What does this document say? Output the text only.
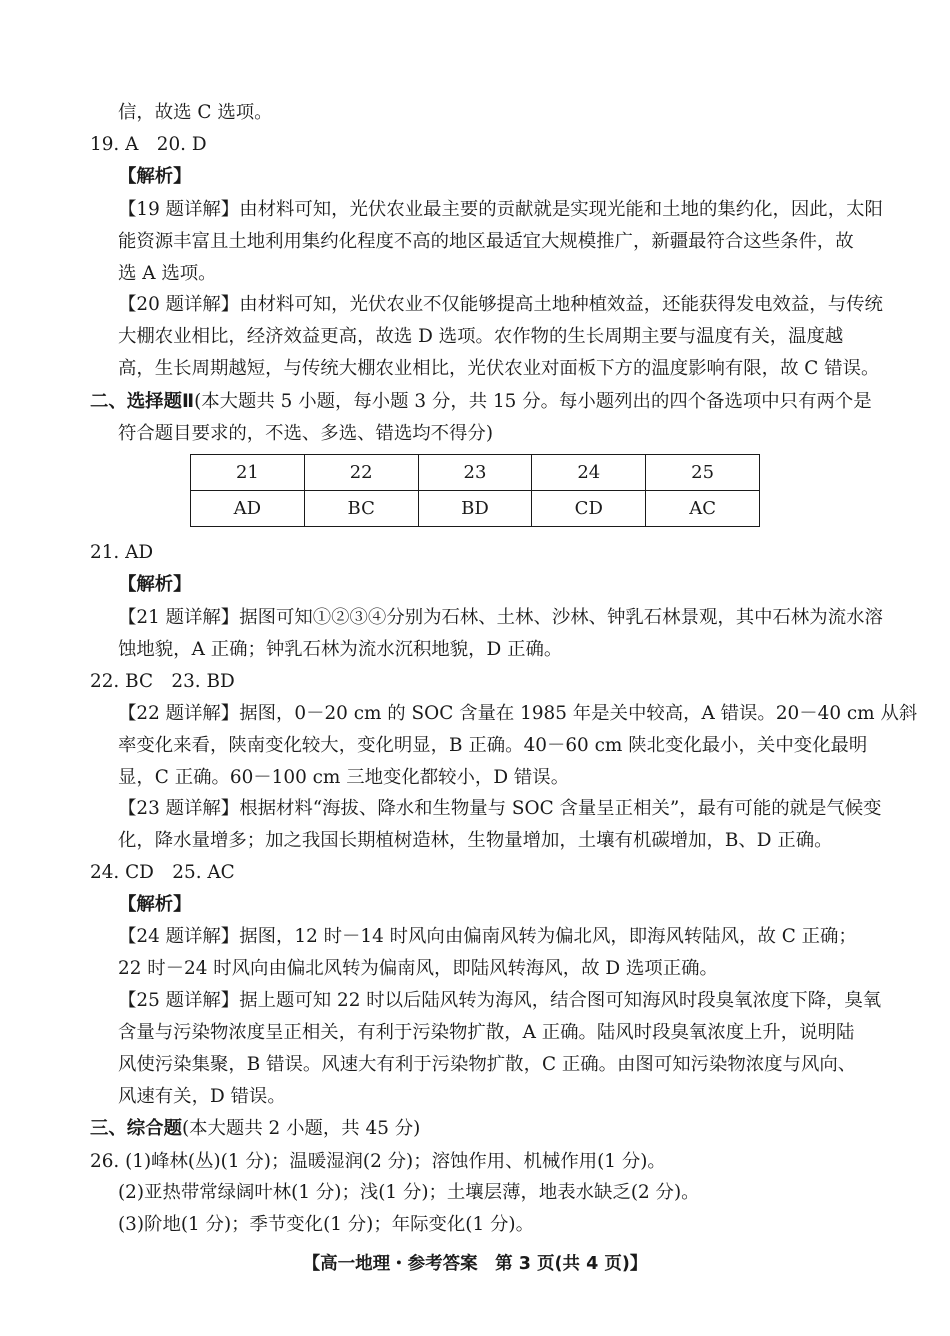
信，故选 C 选项。
19. A　20. D
【解析】
【19 题详解】由材料可知，光伏农业最主要的贡献就是实现光能和土地的集约化，因此，太阳
能资源丰富且土地利用集约化程度不高的地区最适宜大规模推广，新疆最符合这些条件，故
选 A 选项。
【20 题详解】由材料可知，光伏农业不仅能够提高土地种植效益，还能获得发电效益，与传统
大棚农业相比，经济效益更高，故选 D 选项。农作物的生长周期主要与温度有关，温度越
高，生长周期越短，与传统大棚农业相比，光伏农业对面板下方的温度影响有限，故 C 错误。
二、选择题Ⅱ(本大题共 5 小题，每小题 3 分，共 15 分。每小题列出的四个备选项中只有两个是
符合题目要求的，不选、多选、错选均不得分)
21	22	23	24	25
AD	BC	BD	CD	AC
21. AD
【解析】
【21 题详解】据图可知①②③④分别为石林、土林、沙林、钟乳石林景观，其中石林为流水溶
蚀地貌，A 正确；钟乳石林为流水沉积地貌，D 正确。
22. BC　23. BD
【22 题详解】据图，0－20 cm 的 SOC 含量在 1985 年是关中较高，A 错误。20－40 cm 从斜
率变化来看，陕南变化较大，变化明显，B 正确。40－60 cm 陕北变化最小，关中变化最明
显，C 正确。60－100 cm 三地变化都较小，D 错误。
【23 题详解】根据材料“海拔、降水和生物量与 SOC 含量呈正相关”，最有可能的就是气候变
化，降水量增多；加之我国长期植树造林，生物量增加，土壤有机碳增加，B、D 正确。
24. CD　25. AC
【解析】
【24 题详解】据图，12 时－14 时风向由偏南风转为偏北风，即海风转陆风，故 C 正确；
22 时－24 时风向由偏北风转为偏南风，即陆风转海风，故 D 选项正确。
【25 题详解】据上题可知 22 时以后陆风转为海风，结合图可知海风时段臭氧浓度下降，臭氧
含量与污染物浓度呈正相关，有利于污染物扩散，A 正确。陆风时段臭氧浓度上升，说明陆
风使污染集聚，B 错误。风速大有利于污染物扩散，C 正确。由图可知污染物浓度与风向、
风速有关，D 错误。
三、综合题(本大题共 2 小题，共 45 分)
26. (1)峰林(丛)(1 分)；温暖湿润(2 分)；溶蚀作用、机械作用(1 分)。
(2)亚热带常绿阔叶林(1 分)；浅(1 分)；土壤层薄，地表水缺乏(2 分)。
(3)阶地(1 分)；季节变化(1 分)；年际变化(1 分)。
【高一地理・参考答案　第 3 页(共 4 页)】
